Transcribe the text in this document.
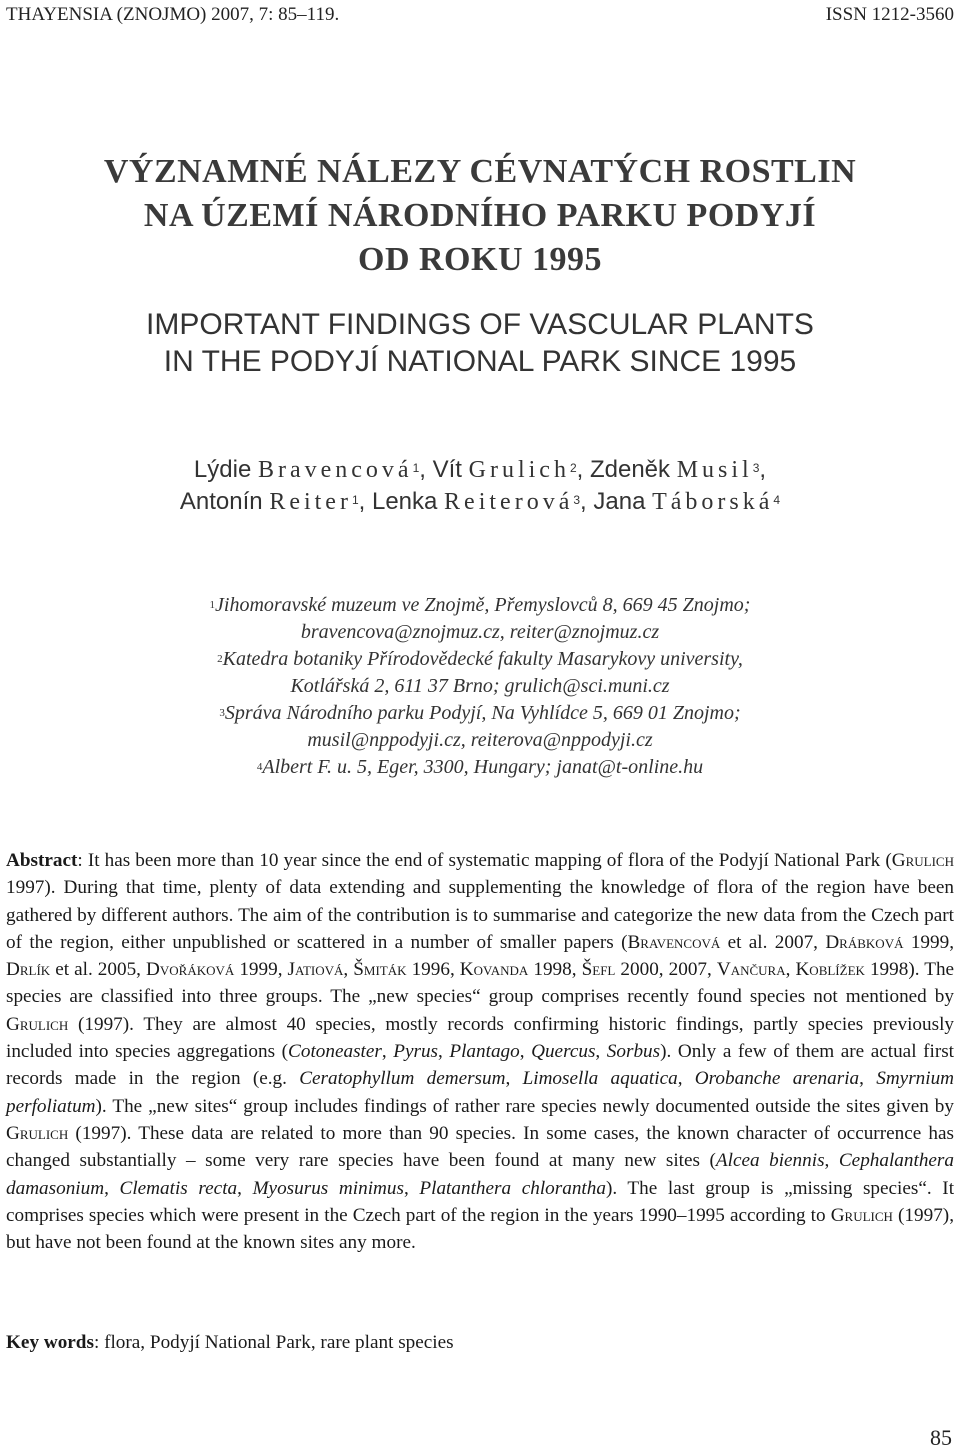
THAYENSIA (ZNOJMO) 2007, 7: 85–119.	ISSN 1212-3560
VÝZNAMNÉ NÁLEZY CÉVNATÝCH ROSTLIN
NA ÚZEMÍ NÁRODNÍHO PARKU PODYJÍ
OD ROKU 1995
IMPORTANT FINDINGS OF VASCULAR PLANTS
IN THE PODYJÍ NATIONAL PARK SINCE 1995
Lýdie Bravencová$^1$, Vít Grulich$^2$, Zdeněk Musil$^3$,
Antonín Reiter$^1$, Lenka Reiterová$^3$, Jana Táborská$^4$
$^1$Jihomoravské muzeum ve Znojmě, Přemyslovců 8, 669 45 Znojmo;
bravencova@znojmuz.cz, reiter@znojmuz.cz
$^2$Katedra botaniky Přírodovědecké fakulty Masarykovy university,
Kotlářská 2, 611 37 Brno; grulich@sci.muni.cz
$^3$Správa Národního parku Podyjí, Na Vyhlídce 5, 669 01 Znojmo;
musil@nppodyji.cz, reiterova@nppodyji.cz
$^4$Albert F. u. 5, Eger, 3300, Hungary; janat@t-online.hu
Abstract: It has been more than 10 year since the end of systematic mapping of flora of the Podyjí National Park (Grulich 1997). During that time, plenty of data extending and supplementing the knowledge of flora of the region have been gathered by different authors. The aim of the contribution is to summarise and categorize the new data from the Czech part of the region, either unpublished or scattered in a number of smaller papers (Bravencová et al. 2007, Drábková 1999, Drlík et al. 2005, Dvořáková 1999, Jatiová, Šmiták 1996, Kovanda 1998, Šefl 2000, 2007, Vančura, Koblížek 1998). The species are classified into three groups. The „new species“ group comprises recently found species not mentioned by Grulich (1997). They are almost 40 species, mostly records confirming historic findings, partly species previously included into species aggregations (Cotoneaster, Pyrus, Plantago, Quercus, Sorbus). Only a few of them are actual first records made in the region (e.g. Ceratophyllum demersum, Limosella aquatica, Orobanche arenaria, Smyrnium perfoliatum). The „new sites“ group includes findings of rather rare species newly documented outside the sites given by Grulich (1997). These data are related to more than 90 species. In some cases, the known character of occurrence has changed substantially – some very rare species have been found at many new sites (Alcea biennis, Cephalanthera damasonium, Clematis recta, Myosurus minimus, Platanthera chlorantha). The last group is „missing species“. It comprises species which were present in the Czech part of the region in the years 1990–1995 according to Grulich (1997), but have not been found at the known sites any more.
Key words: flora, Podyjí National Park, rare plant species
85
